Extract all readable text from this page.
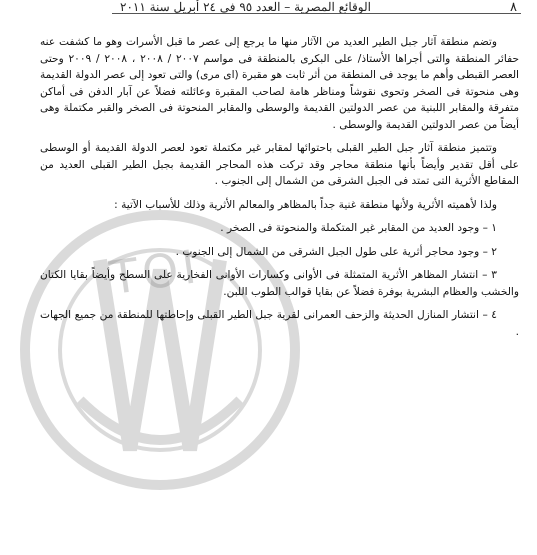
٨
الوقائع المصرية – العدد ٩٥ فى ٢٤ أبريل سنة ٢٠١١
TOI

وتضم منطقة آثار جبل الطير العديد من الآثار منها ما يرجع إلى عصر ما قبل الأسرات وهو ما كشفت عنه حفائر المنطقة والتى أجراها الأستاذ/ على البكرى بالمنطقة فى مواسم ٢٠٠٧ / ٢٠٠٨ ، ٢٠٠٨ / ٢٠٠٩ وحتى العصر القبطى وأهم ما يوجد فى المنطقة من أثر ثابت هو مقبرة (اى مرى) والتى تعود إلى عصر الدولة القديمة وهى منحوتة فى الصخر وتحوى نقوشاً ومناظر هامة لصاحب المقبرة وعائلته فضلاً عن آبار الدفن فى أماكن متفرقة والمقابر اللبنية من عصر الدولتين القديمة والوسطى والمقابر المنحوتة فى الصخر والقبر مكتملة وهى أيضاً من عصر الدولتين القديمة والوسطى .

وتتميز منطقة آثار جبل الطير القبلى باحتوائها لمقابر غير مكتملة تعود لعصر الدولة القديمة أو الوسطى على أقل تقدير وأيضاً بأنها منطقة محاجر وقد تركت هذه المحاجر القديمة بجبل الطير القبلى العديد من المقاطع الأثرية التى تمتد فى الجبل الشرقى من الشمال إلى الجنوب .

ولذا لأهميته الأثرية ولأنها منطقة غنية جداً بالمظاهر والمعالم الأثرية وذلك للأسباب الآتية :

١ – وجود العديد من المقابر غير المتكملة والمنحوتة فى الصخر .

٢ – وجود محاجر أثرية على طول الجبل الشرقى من الشمال إلى الجنوب .

٣ – انتشار المظاهر الأثرية المتمثلة فى الأوانى وكسارات الأوانى الفخارية على السطح وأيضاً بقايا الكتان والخشب والعظام البشرية بوفرة فضلاً عن بقايا قوالب الطوب اللبن.

٤ – انتشار المنازل الحديثة والزحف العمرانى لقرية جبل الطير القبلى وإحاطتها للمنطقة من جميع الجهات .
